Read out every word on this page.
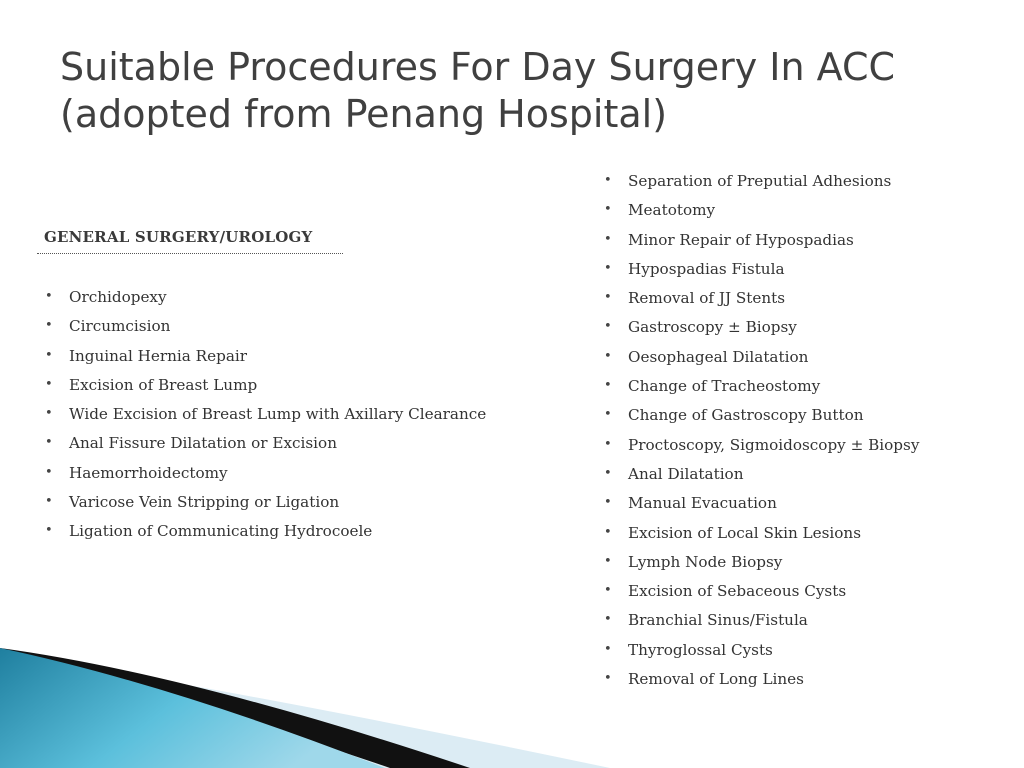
Suitable Procedures For Day Surgery In ACC
(adopted from Penang Hospital)
GENERAL SURGERY/UROLOGY
• Orchidopexy
• Circumcision
• Inguinal Hernia Repair
• Excision of Breast Lump
• Wide Excision of Breast Lump with Axillary Clearance
• Anal Fissure Dilatation or Excision
• Haemorrhoidectomy
• Varicose Vein Stripping or Ligation
• Ligation of Communicating Hydrocoele
• Separation of Preputial Adhesions
• Meatotomy
• Minor Repair of Hypospadias
• Hypospadias Fistula
• Removal of JJ Stents
• Gastroscopy ± Biopsy
• Oesophageal Dilatation
• Change of Tracheostomy
• Change of Gastroscopy Button
• Proctoscopy, Sigmoidoscopy ± Biopsy
• Anal Dilatation
• Manual Evacuation
• Excision of Local Skin Lesions
• Lymph Node Biopsy
• Excision of Sebaceous Cysts
• Branchial Sinus/Fistula
• Thyroglossal Cysts
• Removal of Long Lines
